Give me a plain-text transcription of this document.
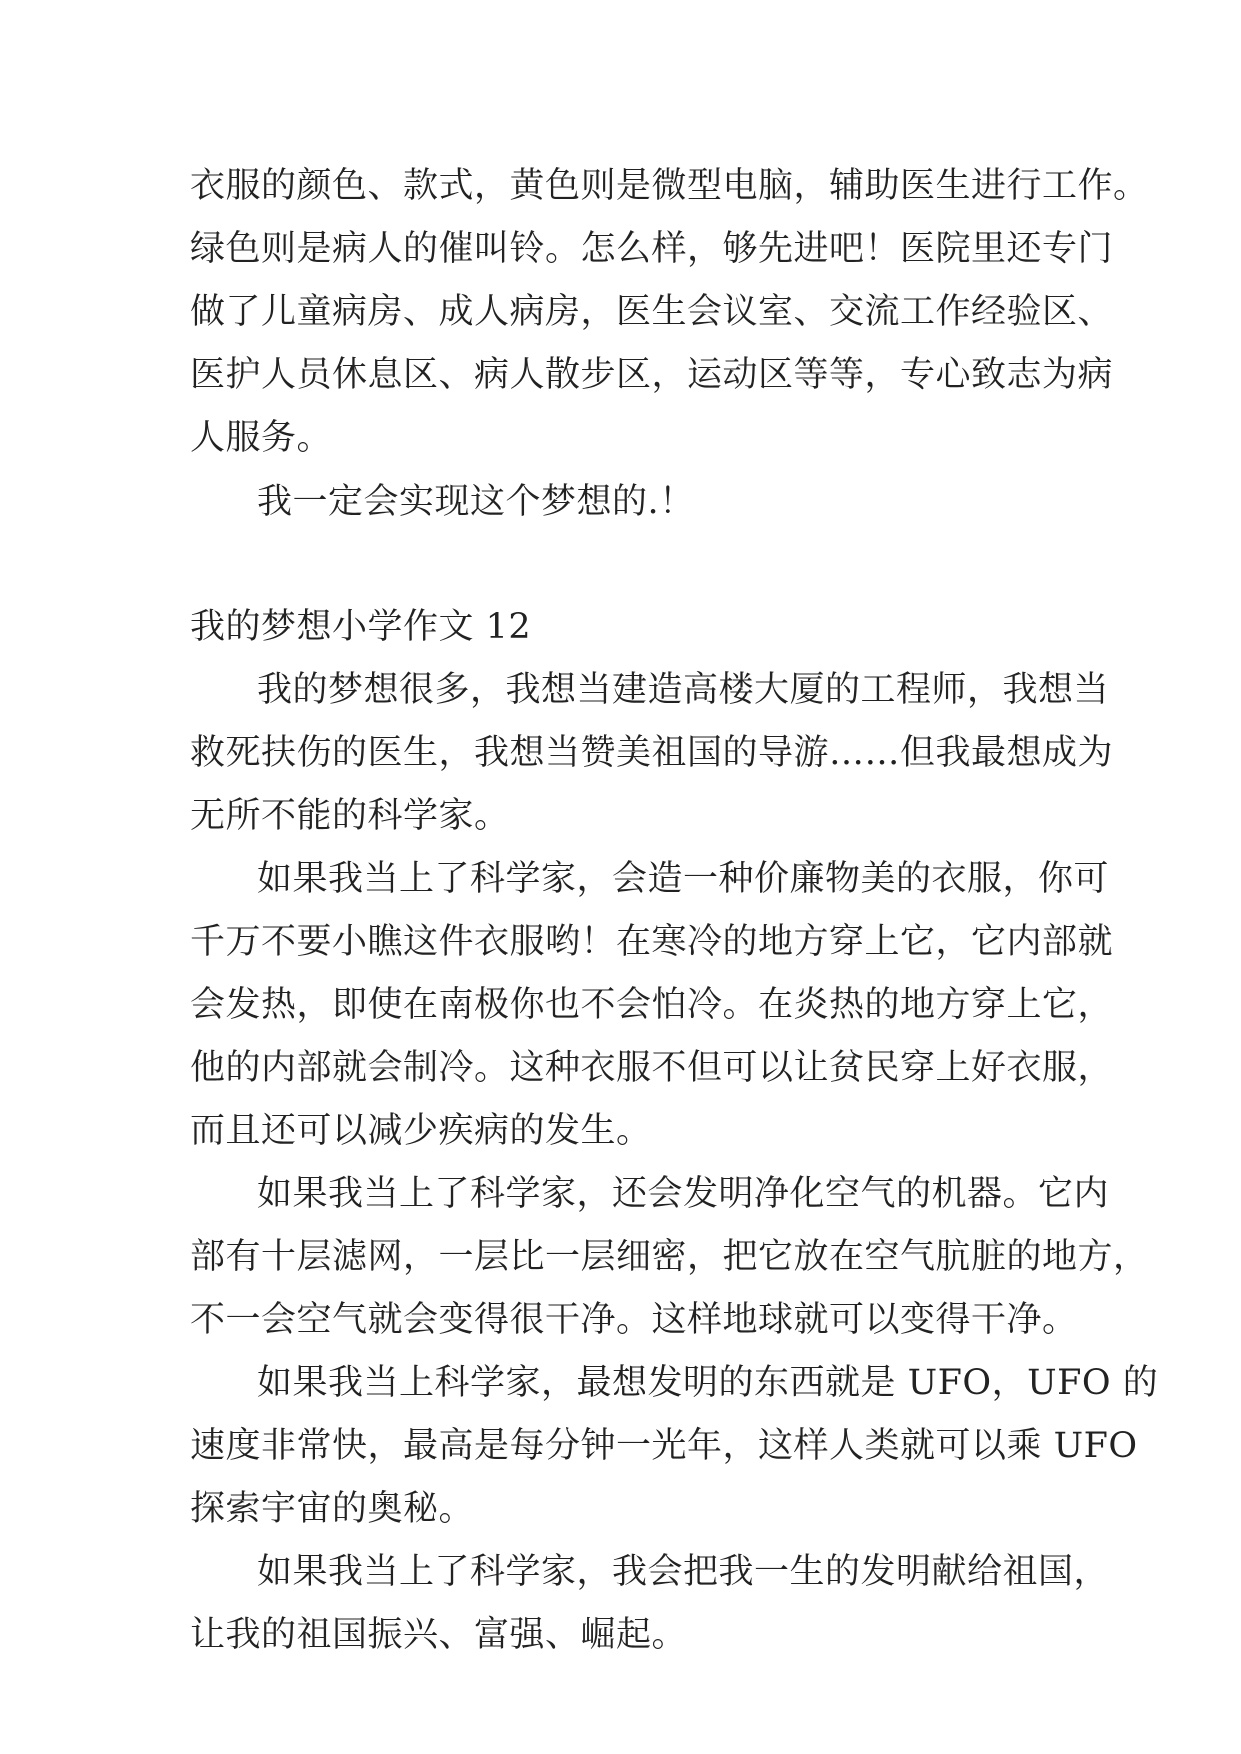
衣服的颜色、款式，黄色则是微型电脑，辅助医生进行工作。
绿色则是病人的催叫铃。怎么样，够先进吧！医院里还专门
做了儿童病房、成人病房，医生会议室、交流工作经验区、
医护人员休息区、病人散步区，运动区等等，专心致志为病
人服务。
我一定会实现这个梦想的.！
我的梦想小学作文 12
我的梦想很多，我想当建造高楼大厦的工程师，我想当
救死扶伤的医生，我想当赞美祖国的导游……但我最想成为
无所不能的科学家。
如果我当上了科学家，会造一种价廉物美的衣服，你可
千万不要小瞧这件衣服哟！在寒冷的地方穿上它，它内部就
会发热，即使在南极你也不会怕冷。在炎热的地方穿上它，
他的内部就会制冷。这种衣服不但可以让贫民穿上好衣服，
而且还可以减少疾病的发生。
如果我当上了科学家，还会发明净化空气的机器。它内
部有十层滤网，一层比一层细密，把它放在空气肮脏的地方，
不一会空气就会变得很干净。这样地球就可以变得干净。
如果我当上科学家，最想发明的东西就是 UFO，UFO 的
速度非常快，最高是每分钟一光年，这样人类就可以乘 UFO
探索宇宙的奥秘。
如果我当上了科学家，我会把我一生的发明献给祖国，
让我的祖国振兴、富强、崛起。
